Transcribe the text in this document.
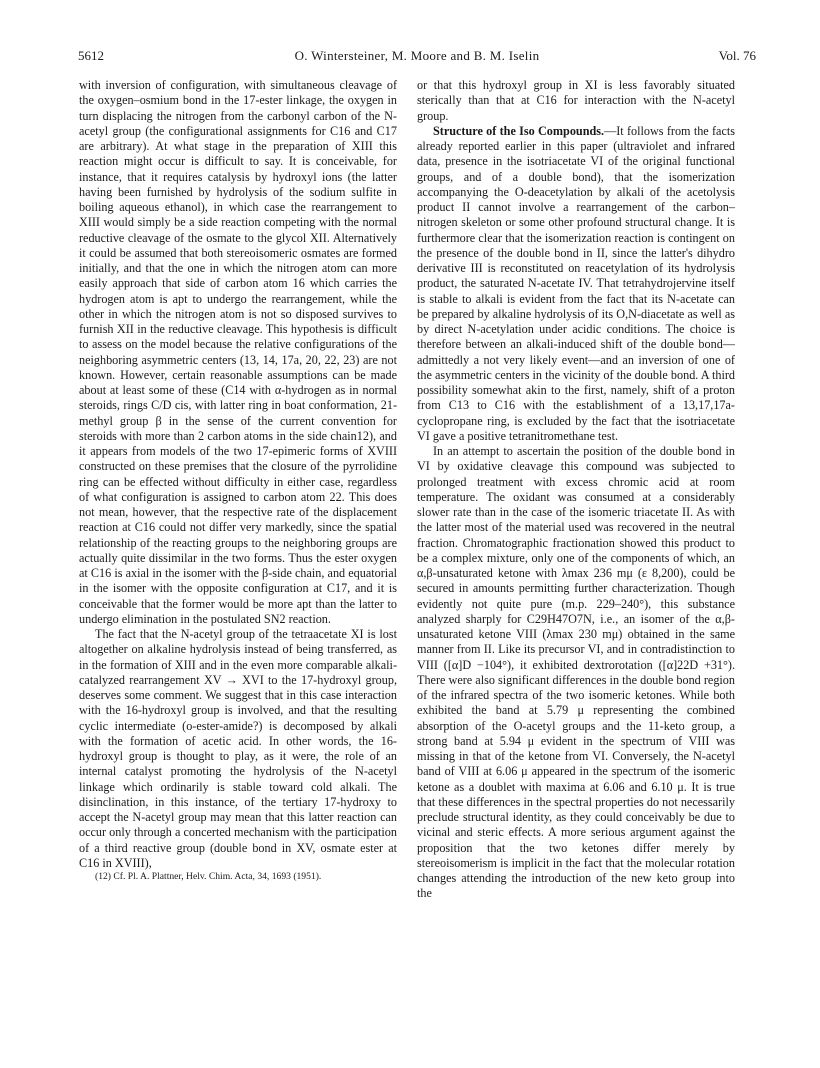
5612	O. Wintersteiner, M. Moore and B. M. Iselin	Vol. 76

with inversion of configuration, with simultaneous cleavage of the oxygen–osmium bond in the 17-ester linkage, the oxygen in turn displacing the nitrogen from the carbonyl carbon of the N-acetyl group (the configurational assignments for C16 and C17 are arbitrary). At what stage in the preparation of XIII this reaction might occur is difficult to say. It is conceivable, for instance, that it requires catalysis by hydroxyl ions (the latter having been furnished by hydrolysis of the sodium sulfite in boiling aqueous ethanol), in which case the rearrangement to XIII would simply be a side reaction competing with the normal reductive cleavage of the osmate to the glycol XII. Alternatively it could be assumed that both stereoisomeric osmates are formed initially, and that the one in which the nitrogen atom can more easily approach that side of carbon atom 16 which carries the hydrogen atom is apt to undergo the rearrangement, while the other in which the nitrogen atom is not so disposed survives to furnish XII in the reductive cleavage. This hypothesis is difficult to assess on the model because the relative configurations of the neighboring asymmetric centers (13, 14, 17a, 20, 22, 23) are not known. However, certain reasonable assumptions can be made about at least some of these (C14 with α-hydrogen as in normal steroids, rings C/D cis, with latter ring in boat conformation, 21-methyl group β in the sense of the current convention for steroids with more than 2 carbon atoms in the side chain12), and it appears from models of the two 17-epimeric forms of XVIII constructed on these premises that the closure of the pyrrolidine ring can be effected without difficulty in either case, regardless of what configuration is assigned to carbon atom 22. This does not mean, however, that the respective rate of the displacement reaction at C16 could not differ very markedly, since the spatial relationship of the reacting groups to the neighboring groups are actually quite dissimilar in the two forms. Thus the ester oxygen at C16 is axial in the isomer with the β-side chain, and equatorial in the isomer with the opposite configuration at C17, and it is conceivable that the former would be more apt than the latter to undergo elimination in the postulated SN2 reaction.

The fact that the N-acetyl group of the tetraacetate XI is lost altogether on alkaline hydrolysis instead of being transferred, as in the formation of XIII and in the even more comparable alkali-catalyzed rearrangement XV → XVI to the 17-hydroxyl group, deserves some comment. We suggest that in this case interaction with the 16-hydroxyl group is involved, and that the resulting cyclic intermediate (o-ester-amide?) is decomposed by alkali with the formation of acetic acid. In other words, the 16-hydroxyl group is thought to play, as it were, the role of an internal catalyst promoting the hydrolysis of the N-acetyl linkage which ordinarily is stable toward cold alkali. The disinclination, in this instance, of the tertiary 17-hydroxy to accept the N-acetyl group may mean that this latter reaction can occur only through a concerted mechanism with the participation of a third reactive group (double bond in XV, osmate ester at C16 in XVIII),

(12) Cf. Pl. A. Plattner, Helv. Chim. Acta, 34, 1693 (1951).

or that this hydroxyl group in XI is less favorably situated sterically than that at C16 for interaction with the N-acetyl group.

Structure of the Iso Compounds.—It follows from the facts already reported earlier in this paper (ultraviolet and infrared data, presence in the isotriacetate VI of the original functional groups, and of a double bond), that the isomerization accompanying the O-deacetylation by alkali of the acetolysis product II cannot involve a rearrangement of the carbon–nitrogen skeleton or some other profound structural change. It is furthermore clear that the isomerization reaction is contingent on the presence of the double bond in II, since the latter's dihydro derivative III is reconstituted on reacetylation of its hydrolysis product, the saturated N-acetate IV. That tetrahydrojervine itself is stable to alkali is evident from the fact that its N-acetate can be prepared by alkaline hydrolysis of its O,N-diacetate as well as by direct N-acetylation under acidic conditions. The choice is therefore between an alkali-induced shift of the double bond—admittedly a not very likely event—and an inversion of one of the asymmetric centers in the vicinity of the double bond. A third possibility somewhat akin to the first, namely, shift of a proton from C13 to C16 with the establishment of a 13,17,17a-cyclopropane ring, is excluded by the fact that the isotriacetate VI gave a positive tetranitromethane test.

In an attempt to ascertain the position of the double bond in VI by oxidative cleavage this compound was subjected to prolonged treatment with excess chromic acid at room temperature. The oxidant was consumed at a considerably slower rate than in the case of the isomeric triacetate II. As with the latter most of the material used was recovered in the neutral fraction. Chromatographic fractionation showed this product to be a complex mixture, only one of the components of which, an α,β-unsaturated ketone with λmax 236 mμ (ε 8,200), could be secured in amounts permitting further characterization. Though evidently not quite pure (m.p. 229–240°), this substance analyzed sharply for C29H47O7N, i.e., an isomer of the α,β-unsaturated ketone VIII (λmax 230 mμ) obtained in the same manner from II. Like its precursor VI, and in contradistinction to VIII ([α]D −104°), it exhibited dextrorotation ([α]22D +31°). There were also significant differences in the double bond region of the infrared spectra of the two isomeric ketones. While both exhibited the band at 5.79 μ representing the combined absorption of the O-acetyl groups and the 11-keto group, a strong band at 5.94 μ evident in the spectrum of VIII was missing in that of the ketone from VI. Conversely, the N-acetyl band of VIII at 6.06 μ appeared in the spectrum of the isomeric ketone as a doublet with maxima at 6.06 and 6.10 μ. It is true that these differences in the spectral properties do not necessarily preclude structural identity, as they could conceivably be due to vicinal and steric effects. A more serious argument against the proposition that the two ketones differ merely by stereoisomerism is implicit in the fact that the molecular rotation changes attending the introduction of the new keto group into the
